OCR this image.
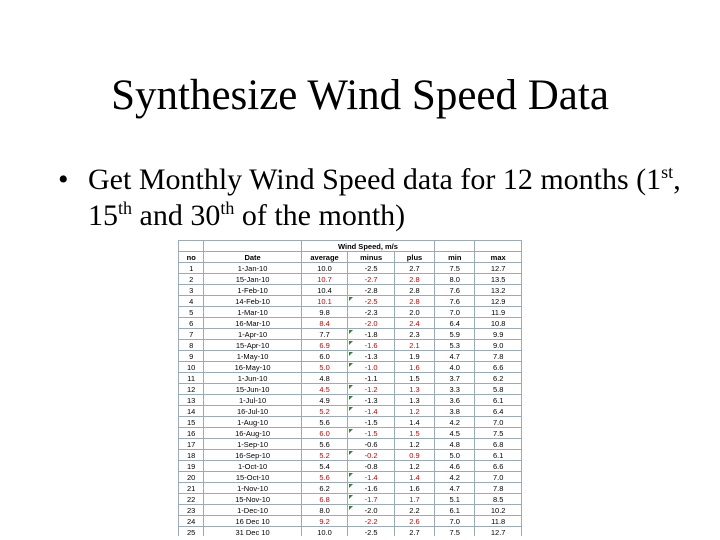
Synthesize Wind Speed Data
• Get Monthly Wind Speed data for 12 months (1st, 15th and 30th of the month)
		Wind Speed, m/s				
no	Date	average	minus	plus	min	max
1	1-Jan-10	10.0	-2.5	2.7	7.5	12.7
2	15-Jan-10	10.7	-2.7	2.8	8.0	13.5
3	1-Feb-10	10.4	-2.8	2.8	7.6	13.2
4	14-Feb-10	10.1	-2.5	2.8	7.6	12.9
5	1-Mar-10	9.8	-2.3	2.0	7.0	11.9
6	16-Mar-10	8.4	-2.0	2.4	6.4	10.8
7	1-Apr-10	7.7	-1.8	2.3	5.9	9.9
8	15-Apr-10	6.9	-1.6	2.1	5.3	9.0
9	1-May-10	6.0	-1.3	1.9	4.7	7.8
10	16-May-10	5.0	-1.0	1.6	4.0	6.6
11	1-Jun-10	4.8	-1.1	1.5	3.7	6.2
12	15-Jun-10	4.5	-1.2	1.3	3.3	5.8
13	1-Jul-10	4.9	-1.3	1.3	3.6	6.1
14	16-Jul-10	5.2	-1.4	1.2	3.8	6.4
15	1-Aug-10	5.6	-1.5	1.4	4.2	7.0
16	16-Aug-10	6.0	-1.5	1.5	4.5	7.5
17	1-Sep-10	5.6	-0.6	1.2	4.8	6.8
18	16-Sep-10	5.2	-0.2	0.9	5.0	6.1
19	1-Oct-10	5.4	-0.8	1.2	4.6	6.6
20	15-Oct-10	5.6	-1.4	1.4	4.2	7.0
21	1-Nov-10	6.2	-1.6	1.6	4.7	7.8
22	15-Nov-10	6.8	-1.7	1.7	5.1	8.5
23	1-Dec-10	8.0	-2.0	2.2	6.1	10.2
24	16 Dec 10	9.2	-2.2	2.6	7.0	11.8
25	31 Dec 10	10.0	-2.5	2.7	7.5	12.7
